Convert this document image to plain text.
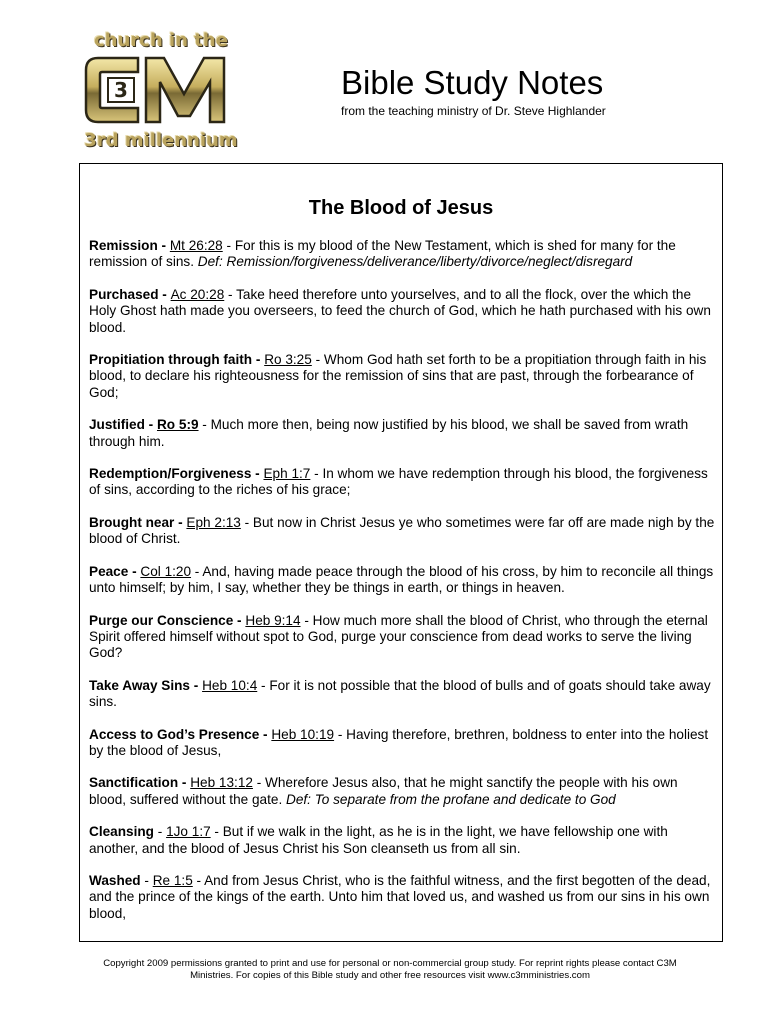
church in the
3
3rd millennium
Bible Study Notes
from the teaching ministry of Dr. Steve Highlander
The Blood of Jesus

Remission - Mt 26:28 - For this is my blood of the New Testament, which is shed for many for the remission of sins. Def: Remission/forgiveness/deliverance/liberty/divorce/neglect/disregard

Purchased - Ac 20:28 - Take heed therefore unto yourselves, and to all the flock, over the which the Holy Ghost hath made you overseers, to feed the church of God, which he hath purchased with his own blood.

Propitiation through faith - Ro 3:25 - Whom God hath set forth to be a propitiation through faith in his blood, to declare his righteousness for the remission of sins that are past, through the forbearance of God;

Justified - Ro 5:9 - Much more then, being now justified by his blood, we shall be saved from wrath through him.

Redemption/Forgiveness - Eph 1:7 - In whom we have redemption through his blood, the forgiveness of sins, according to the riches of his grace;

Brought near - Eph 2:13 - But now in Christ Jesus ye who sometimes were far off are made nigh by the blood of Christ.

Peace - Col 1:20 - And, having made peace through the blood of his cross, by him to reconcile all things unto himself; by him, I say, whether they be things in earth, or things in heaven.

Purge our Conscience - Heb 9:14 - How much more shall the blood of Christ, who through the eternal Spirit offered himself without spot to God, purge your conscience from dead works to serve the living God?

Take Away Sins - Heb 10:4 - For it is not possible that the blood of bulls and of goats should take away sins.

Access to God’s Presence - Heb 10:19 - Having therefore, brethren, boldness to enter into the holiest by the blood of Jesus,

Sanctification - Heb 13:12 - Wherefore Jesus also, that he might sanctify the people with his own blood, suffered without the gate. Def: To separate from the profane and dedicate to God

Cleansing - 1Jo 1:7 - But if we walk in the light, as he is in the light, we have fellowship one with another, and the blood of Jesus Christ his Son cleanseth us from all sin.

Washed - Re 1:5 - And from Jesus Christ, who is the faithful witness, and the first begotten of the dead, and the prince of the kings of the earth. Unto him that loved us, and washed us from our sins in his own blood,

Copyright 2009 permissions granted to print and use for personal or non-commercial group study. For reprint rights please contact C3M
Ministries. For copies of this Bible study and other free resources visit www.c3mministries.com
